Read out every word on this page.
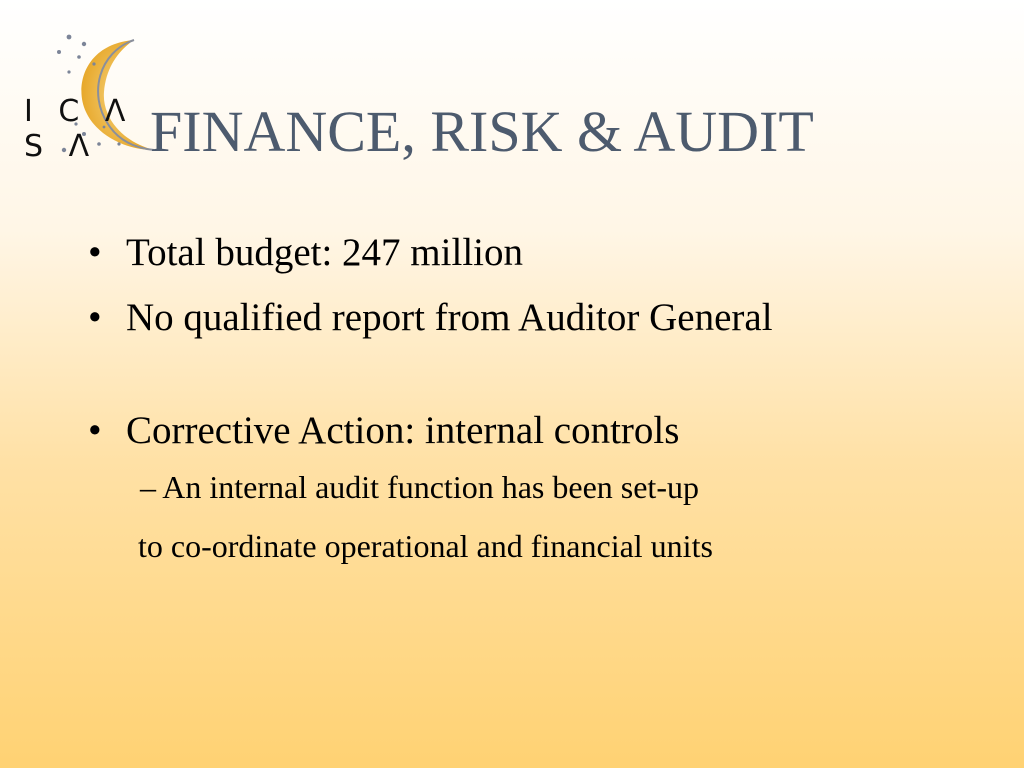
I C Λ S Λ FINANCE, RISK & AUDIT
• Total budget: 247 million
• No qualified report from Auditor General
• Corrective Action: internal controls
– An internal audit function has been set-up
to co-ordinate operational and financial units
